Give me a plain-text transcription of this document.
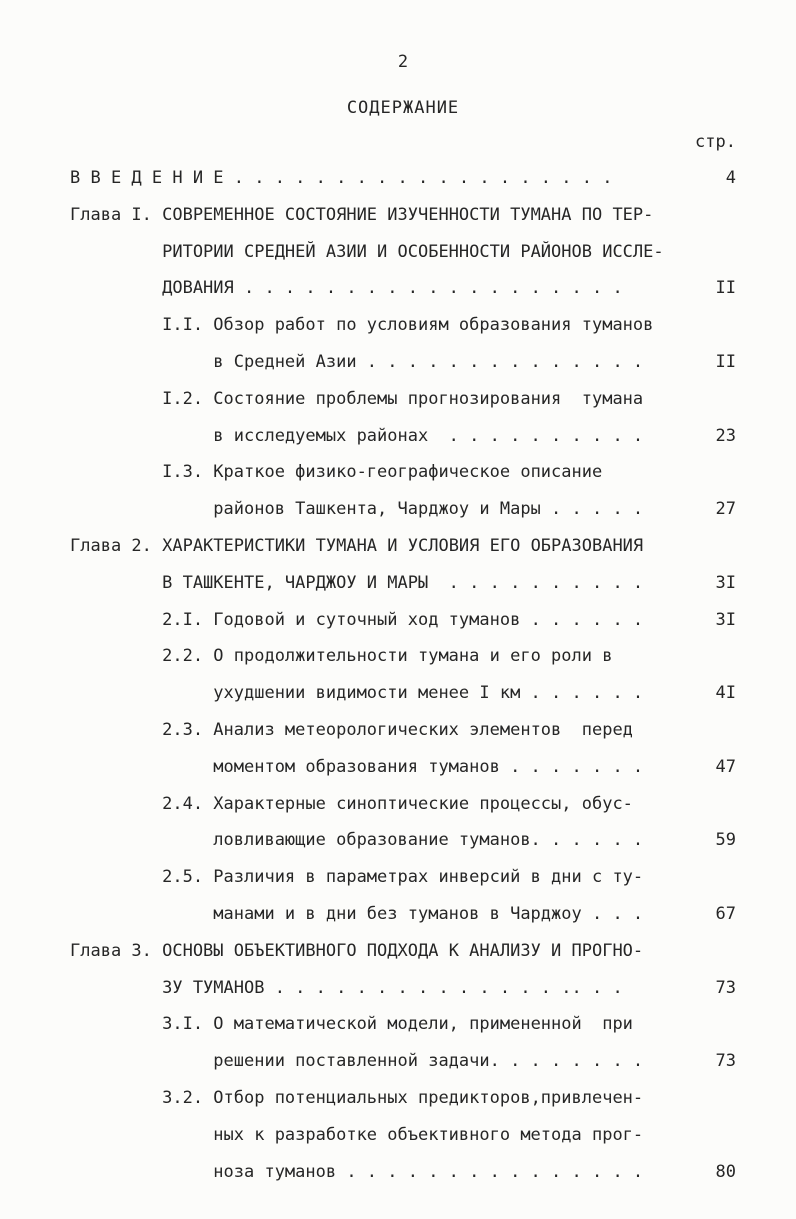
2
СОДЕРЖАНИЕ
стр.
В В Е Д Е Н И Е . . . . . . . . . . . . . . . . . . .	4
Глава I. СОВРЕМЕННОЕ СОСТОЯНИЕ ИЗУЧЕННОСТИ ТУМАНА ПО ТЕР-
РИТОРИИ СРЕДНЕЙ АЗИИ И ОСОБЕННОСТИ РАЙОНОВ ИССЛЕ-
ДОВАНИЯ . . . . . . . . . . . . . . . . . . .	II
I.I. Обзор работ по условиям образования туманов
в Средней Азии . . . . . . . . . . . . . .	II
I.2. Состояние проблемы прогнозирования  тумана
в исследуемых районах  . . . . . . . . . .	23
I.3. Краткое физико-географическое описание
районов Ташкента, Чарджоу и Мары . . . . .	27
Глава 2. ХАРАКТЕРИСТИКИ ТУМАНА И УСЛОВИЯ ЕГО ОБРАЗОВАНИЯ
В ТАШКЕНТЕ, ЧАРДЖОУ И МАРЫ  . . . . . . . . . .	3I
2.I. Годовой и суточный ход туманов . . . . . .	3I
2.2. О продолжительности тумана и его роли в
ухудшении видимости менее I км . . . . . .	4I
2.3. Анализ метеорологических элементов  перед
моментом образования туманов . . . . . . .	47
2.4. Характерные синоптические процессы, обус-
ловливающие образование туманов. . . . . .	59
2.5. Различия в параметрах инверсий в дни с ту-
манами и в дни без туманов в Чарджоу . . .	67
Глава 3. ОСНОВЫ ОБЪЕКТИВНОГО ПОДХОДА К АНАЛИЗУ И ПРОГНО-
ЗУ ТУМАНОВ . . . . . . . . . . . . . . .. . .	73
3.I. О математической модели, примененной  при
решении поставленной задачи. . . . . . . .	73
3.2. Отбор потенциальных предикторов,привлечен-
ных к разработке объективного метода прог-
ноза туманов . . . . . . . . . . . . . . .	80
